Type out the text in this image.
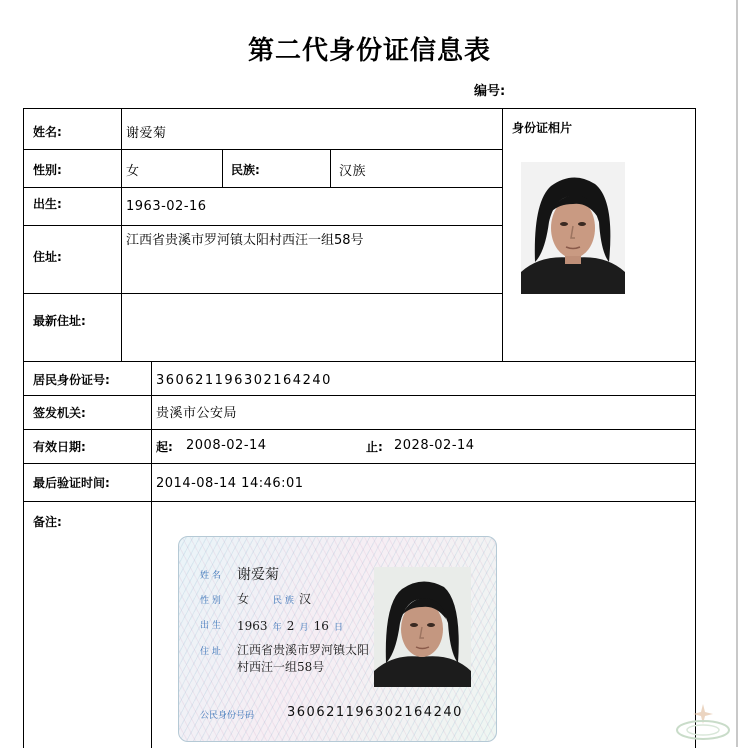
第二代身份证信息表
编号:
姓名:	谢爱菊
性别:	女	民族:	汉族
出生:	1963-02-16
住址:
江西省贵溪市罗河镇太阳村西汪一组58号
最新住址:
身份证相片
居民身份证号:	360621196302164240
签发机关:	贵溪市公安局
有效日期:	起: 2008-02-14	止: 2028-02-14
最后验证时间:	2014-08-14 14:46:01
备注:
姓 名 谢爱菊
性 别 女	民 族 汉
出 生 1963 年 2 月 16 日
住 址 江西省贵溪市罗河镇太阳
村西汪一组58号
公民身份号码	360621196302164240
